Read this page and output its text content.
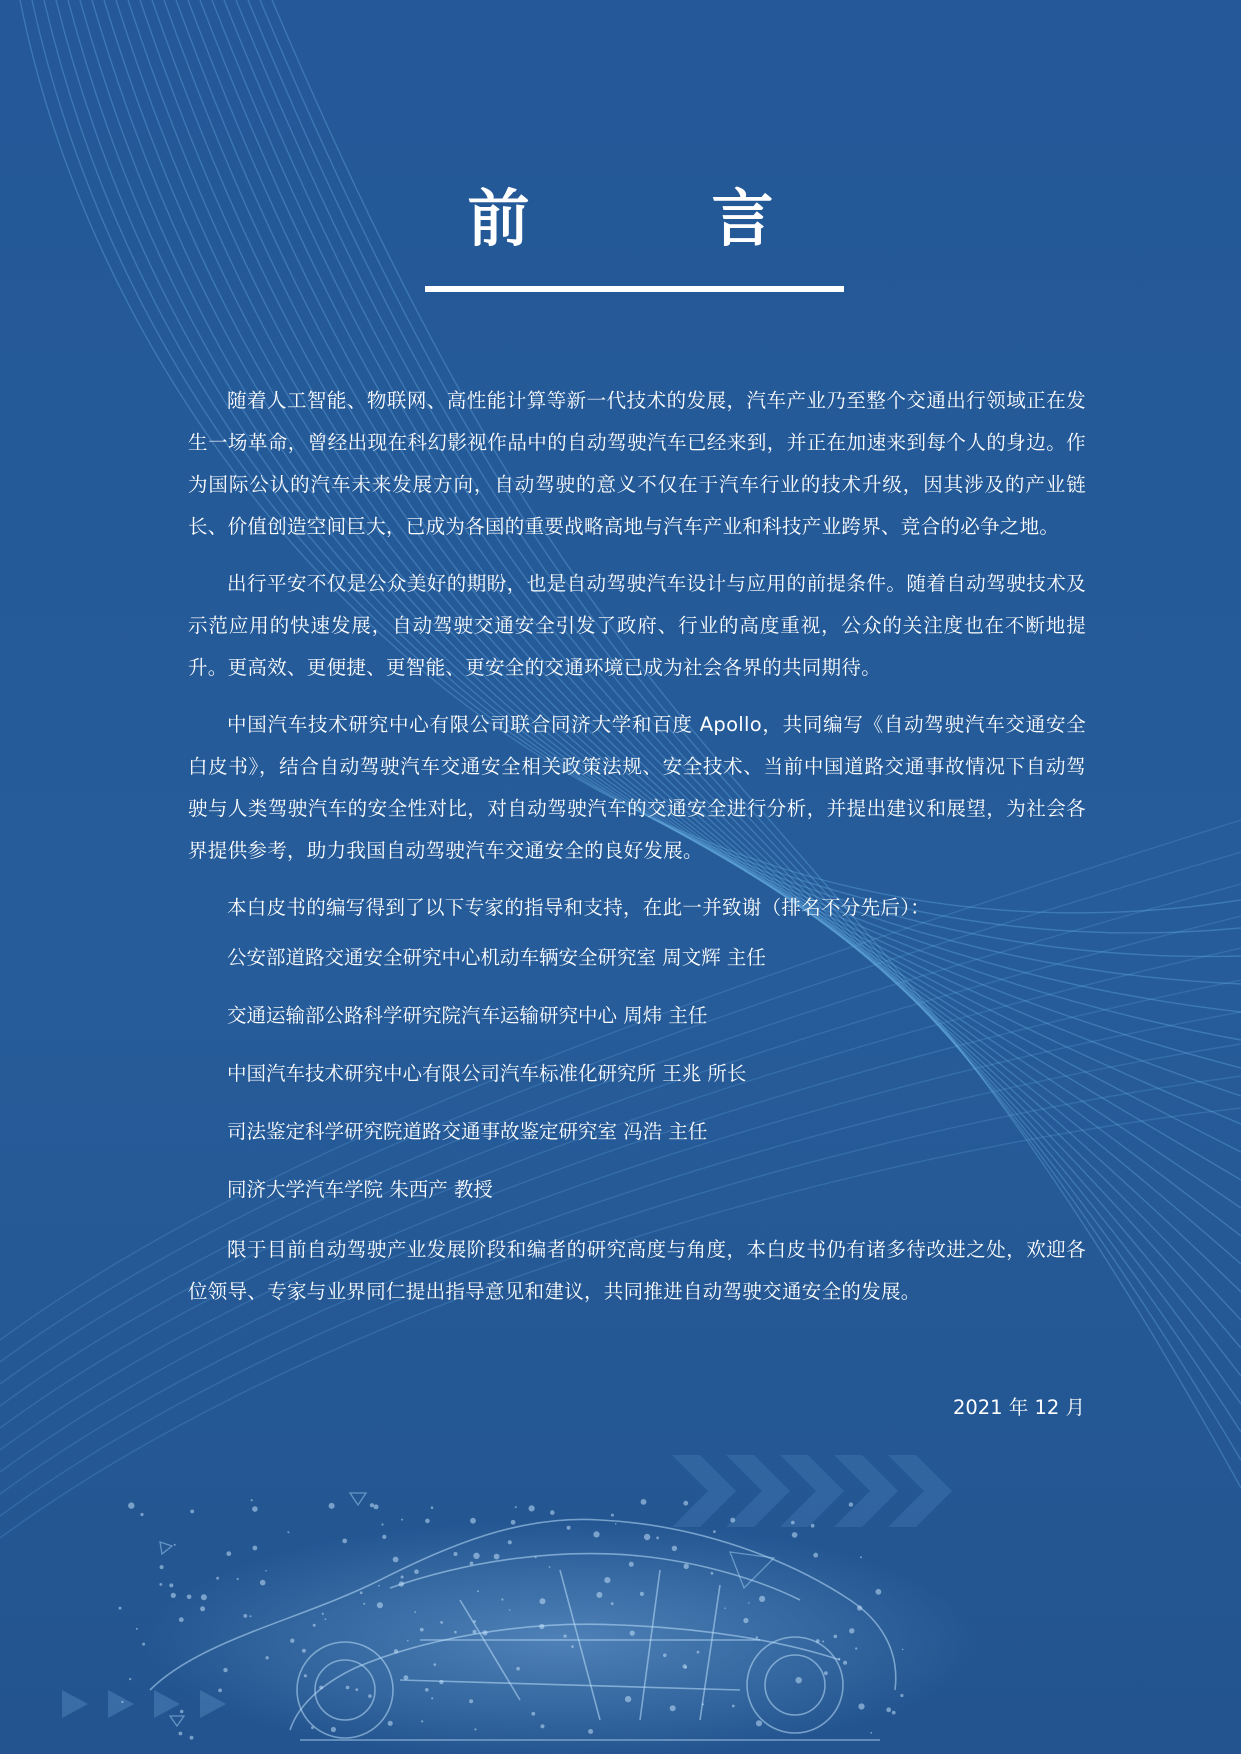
前　言

随着人工智能、物联网、高性能计算等新一代技术的发展，汽车产业乃至整个交通出行领域正在发生一场革命，曾经出现在科幻影视作品中的自动驾驶汽车已经来到，并正在加速来到每个人的身边。作为国际公认的汽车未来发展方向，自动驾驶的意义不仅在于汽车行业的技术升级，因其涉及的产业链长、价值创造空间巨大，已成为各国的重要战略高地与汽车产业和科技产业跨界、竞合的必争之地。

出行平安不仅是公众美好的期盼，也是自动驾驶汽车设计与应用的前提条件。随着自动驾驶技术及示范应用的快速发展，自动驾驶交通安全引发了政府、行业的高度重视，公众的关注度也在不断地提升。更高效、更便捷、更智能、更安全的交通环境已成为社会各界的共同期待。

中国汽车技术研究中心有限公司联合同济大学和百度 Apollo，共同编写《自动驾驶汽车交通安全白皮书》，结合自动驾驶汽车交通安全相关政策法规、安全技术、当前中国道路交通事故情况下自动驾驶与人类驾驶汽车的安全性对比，对自动驾驶汽车的交通安全进行分析，并提出建议和展望，为社会各界提供参考，助力我国自动驾驶汽车交通安全的良好发展。

本白皮书的编写得到了以下专家的指导和支持，在此一并致谢（排名不分先后）：

公安部道路交通安全研究中心机动车辆安全研究室 周文辉 主任

交通运输部公路科学研究院汽车运输研究中心 周炜 主任

中国汽车技术研究中心有限公司汽车标准化研究所 王兆 所长

司法鉴定科学研究院道路交通事故鉴定研究室 冯浩 主任

同济大学汽车学院 朱西产 教授

限于目前自动驾驶产业发展阶段和编者的研究高度与角度，本白皮书仍有诸多待改进之处，欢迎各位领导、专家与业界同仁提出指导意见和建议，共同推进自动驾驶交通安全的发展。

2021 年 12 月
